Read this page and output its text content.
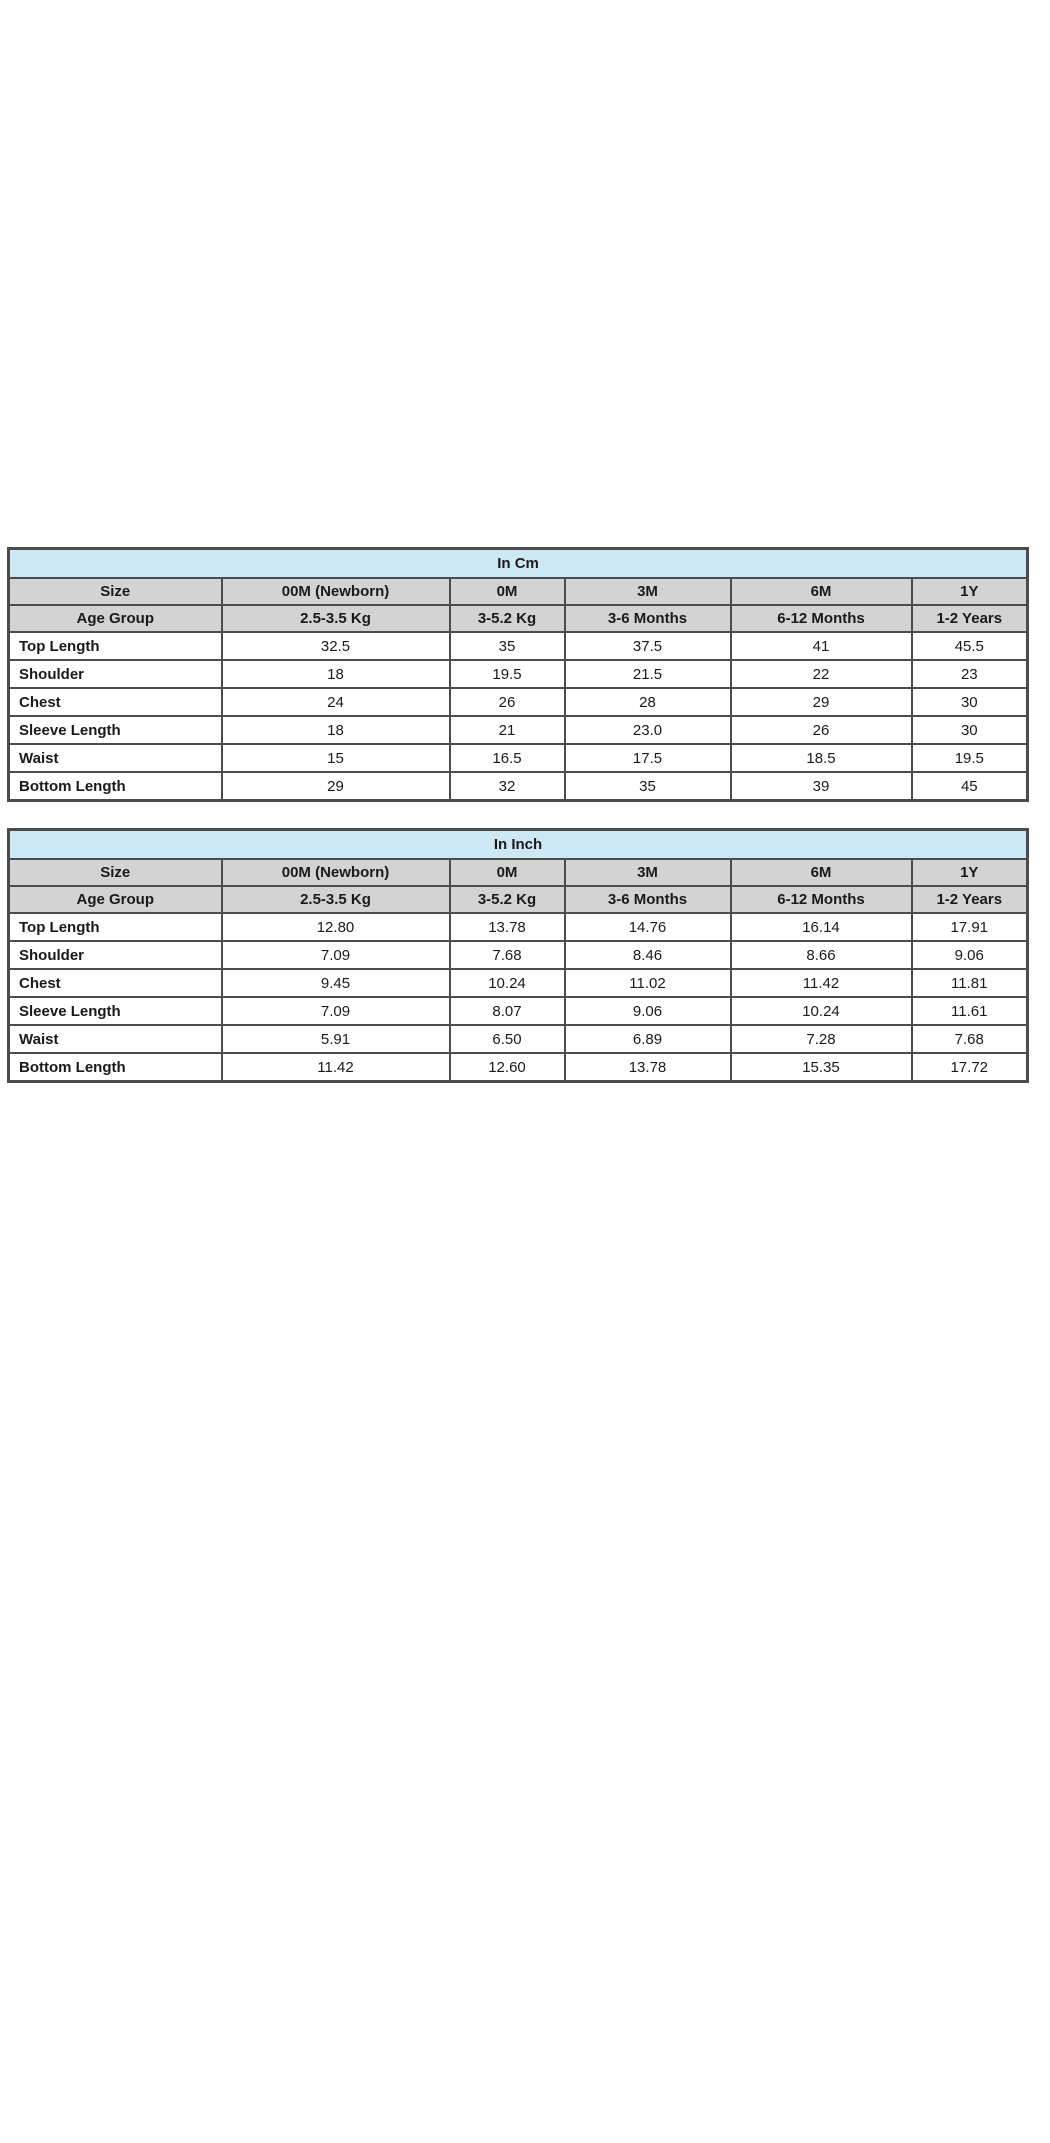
In Cm					
Size	00M (Newborn)	0M	3M	6M	1Y
Age Group	2.5-3.5 Kg	3-5.2 Kg	3-6 Months	6-12 Months	1-2 Years
Top Length	32.5	35	37.5	41	45.5
Shoulder	18	19.5	21.5	22	23
Chest	24	26	28	29	30
Sleeve Length	18	21	23.0	26	30
Waist	15	16.5	17.5	18.5	19.5
Bottom Length	29	32	35	39	45
In Inch					
Size	00M (Newborn)	0M	3M	6M	1Y
Age Group	2.5-3.5 Kg	3-5.2 Kg	3-6 Months	6-12 Months	1-2 Years
Top Length	12.80	13.78	14.76	16.14	17.91
Shoulder	7.09	7.68	8.46	8.66	9.06
Chest	9.45	10.24	11.02	11.42	11.81
Sleeve Length	7.09	8.07	9.06	10.24	11.61
Waist	5.91	6.50	6.89	7.28	7.68
Bottom Length	11.42	12.60	13.78	15.35	17.72
